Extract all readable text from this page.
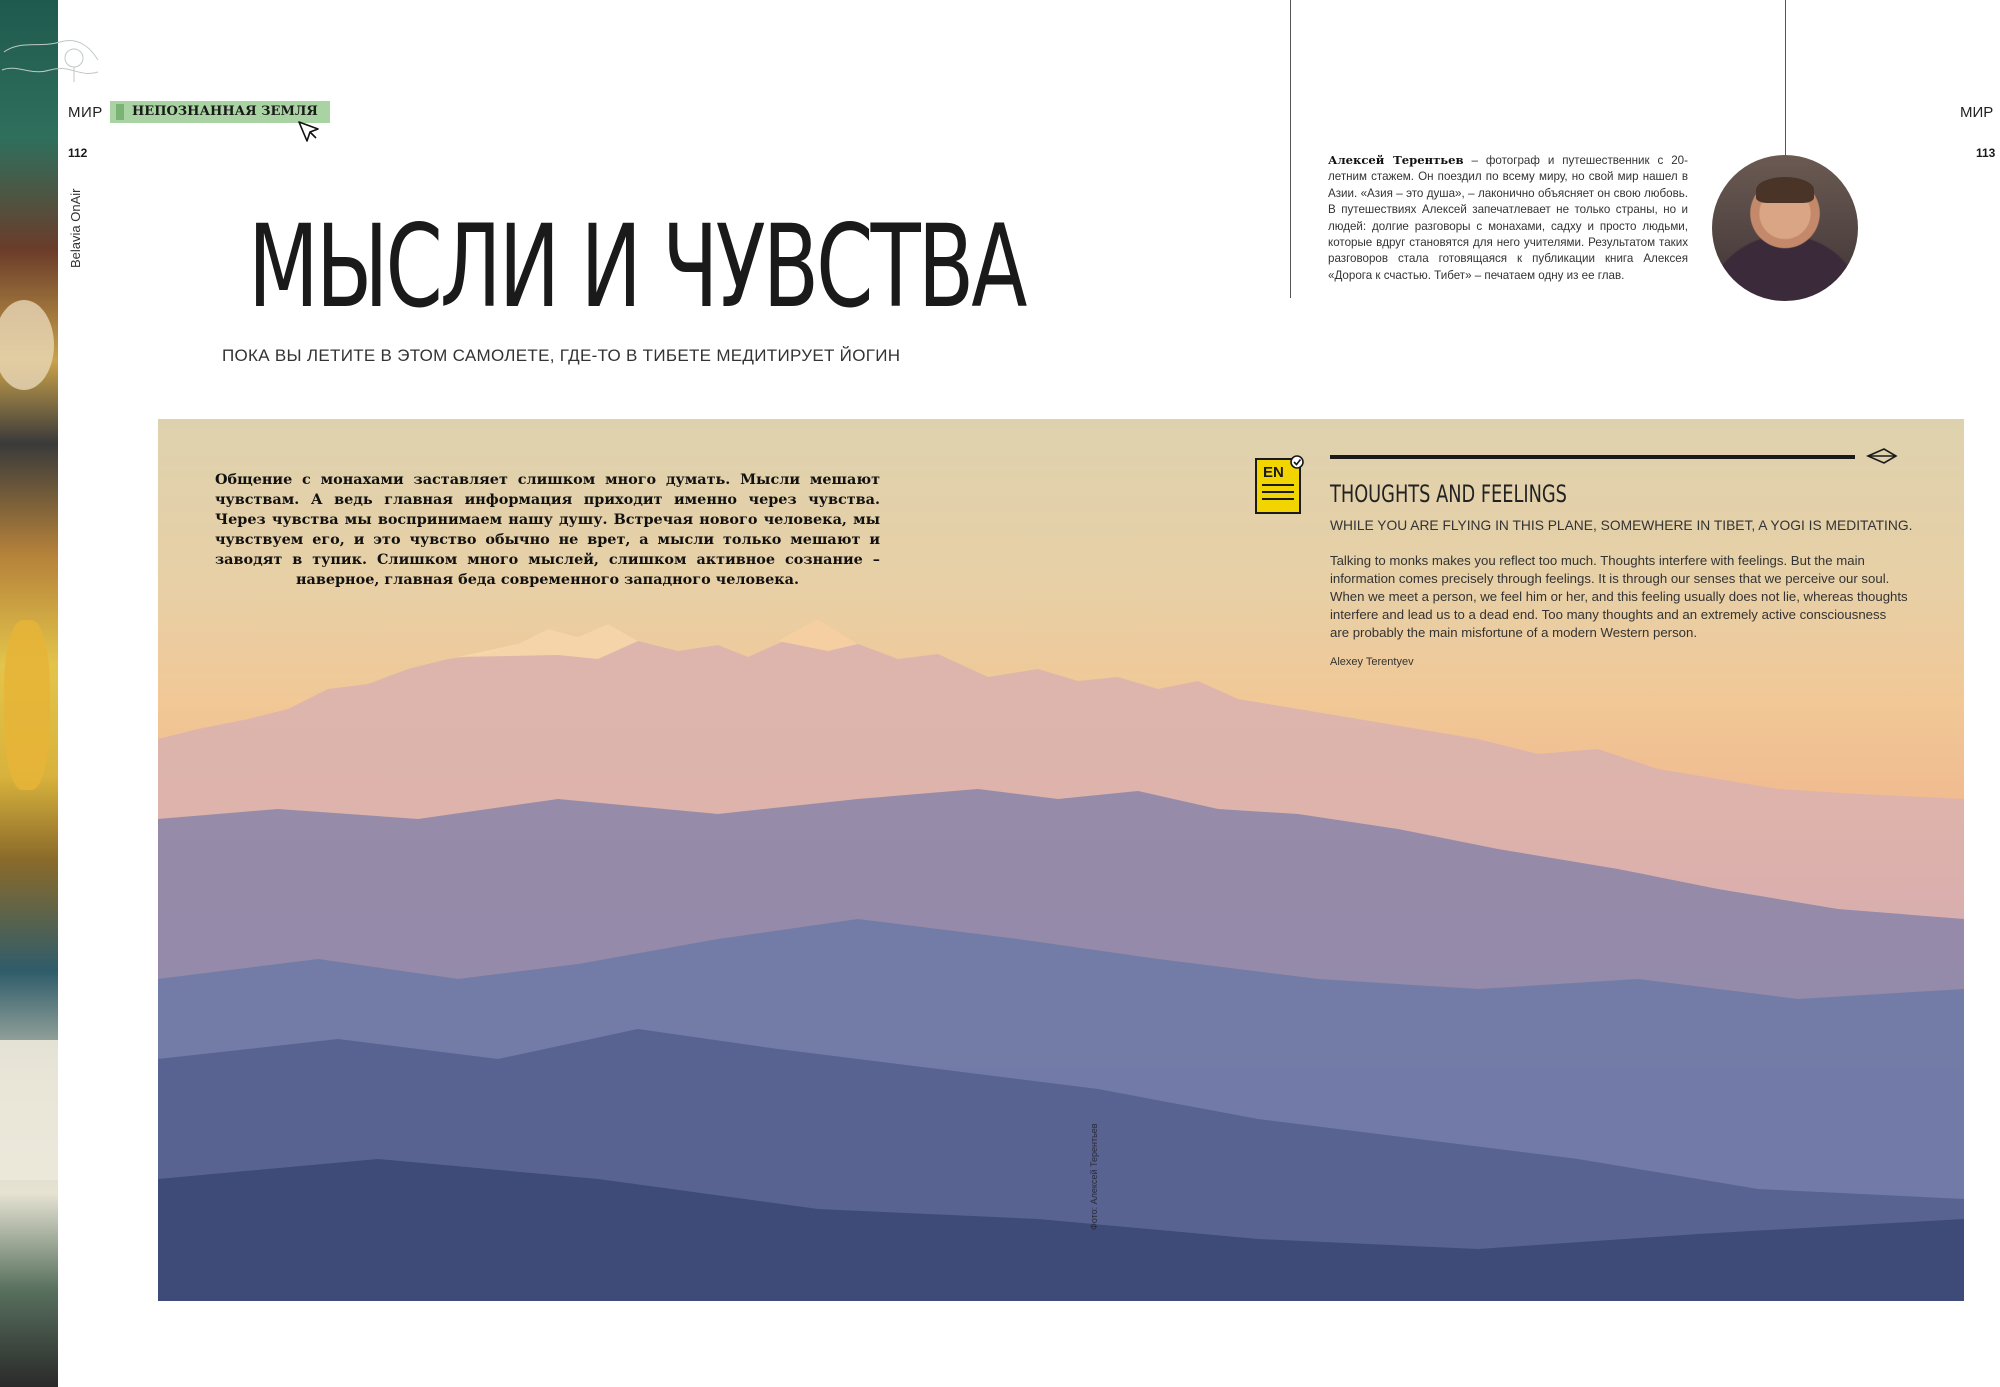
МИР	НЕПОЗНАННАЯ ЗЕМЛЯ
112
Belavia OnAir МЫСЛИ И ЧУВСТВА
ПОКА ВЫ ЛЕТИТЕ В ЭТОМ САМОЛЕТЕ, ГДЕ-ТО В ТИБЕТЕ МЕДИТИРУЕТ ЙОГИН
МИР
113

Алексей Терентьев – фотограф и путешественник с 20-летним стажем. Он поездил по всему миру, но свой мир нашел в Азии. «Азия – это душа», – лаконично объясняет он свою любовь. В путешествиях Алексей запечатлевает не только страны, но и людей: долгие разговоры с монахами, садху и просто людьми, которые вдруг становятся для него учителями. Результатом таких разговоров стала готовящаяся к публикации книга Алексея «Дорога к счастью. Тибет» – печатаем одну из ее глав.

Общение с монахами заставляет слишком много думать. Мысли мешают чувствам. А ведь главная информация приходит именно через чувства. Через чувства мы воспринимаем нашу душу. Встречая нового человека, мы чувствуем его, и это чувство обычно не врет, а мысли только мешают и заводят в тупик. Слишком много мыслей, слишком активное сознание – наверное, главная беда современного западного человека.

EN
THOUGHTS AND FEELINGS
WHILE YOU ARE FLYING IN THIS PLANE, SOMEWHERE IN TIBET, A YOGI IS MEDITATING.

Talking to monks makes you reflect too much. Thoughts interfere with feelings. But the main information comes precisely through feelings. It is through our senses that we perceive our soul. When we meet a person, we feel him or her, and this feeling usually does not lie, whereas thoughts interfere and lead us to a dead end. Too many thoughts and an extremely active consciousness are probably the main misfortune of a modern Western person.

Alexey Terentyev
Фото: Алексей Терентьев
